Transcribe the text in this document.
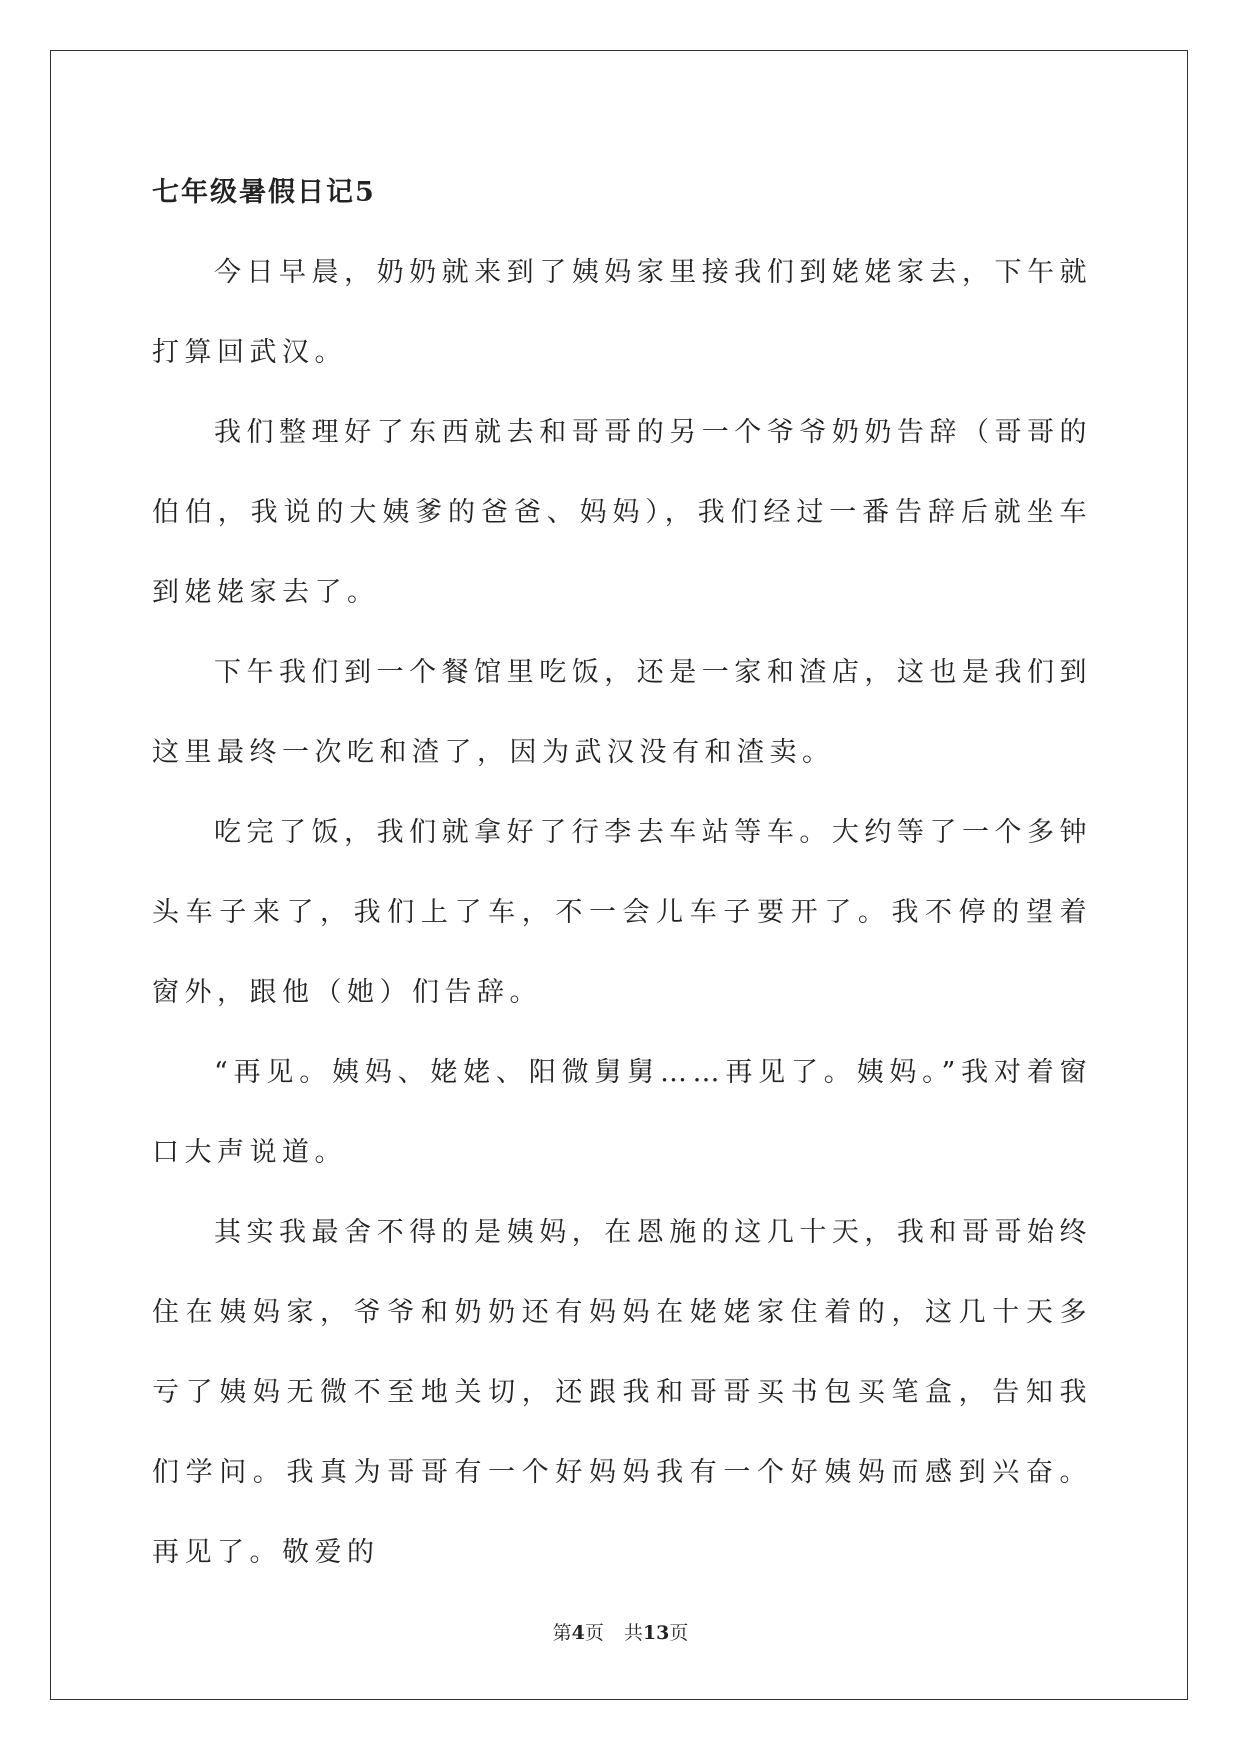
七年级暑假日记5

今日早晨，奶奶就来到了姨妈家里接我们到姥姥家去，下午就打算回武汉。

我们整理好了东西就去和哥哥的另一个爷爷奶奶告辞（哥哥的伯伯，我说的大姨爹的爸爸、妈妈），我们经过一番告辞后就坐车到姥姥家去了。

下午我们到一个餐馆里吃饭，还是一家和渣店，这也是我们到这里最终一次吃和渣了，因为武汉没有和渣卖。

吃完了饭，我们就拿好了行李去车站等车。大约等了一个多钟头车子来了，我们上了车，不一会儿车子要开了。我不停的望着窗外，跟他（她）们告辞。

“再见。姨妈、姥姥、阳微舅舅……再见了。姨妈。”我对着窗口大声说道。

其实我最舍不得的是姨妈，在恩施的这几十天，我和哥哥始终住在姨妈家，爷爷和奶奶还有妈妈在姥姥家住着的，这几十天多亏了姨妈无微不至地关切，还跟我和哥哥买书包买笔盒，告知我们学问。我真为哥哥有一个好妈妈我有一个好姨妈而感到兴奋。再见了。敬爱的

第4页 共13页
